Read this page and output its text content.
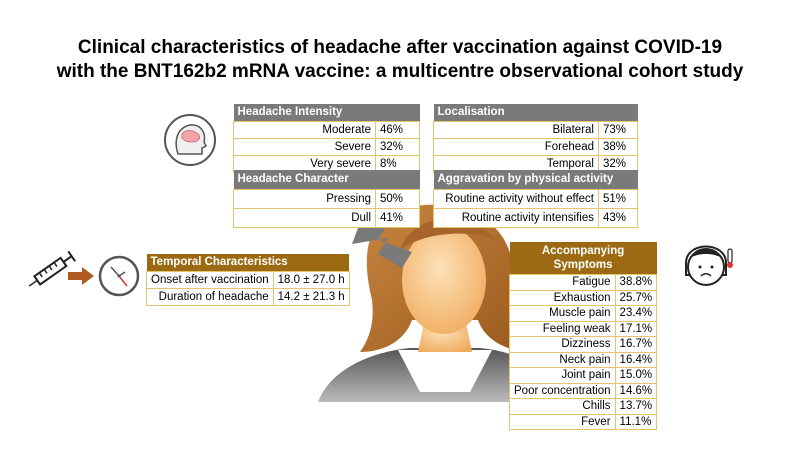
Clinical characteristics of headache after vaccination against COVID-19
with the BNT162b2 mRNA vaccine: a multicentre observational cohort study
Headache Intensity	
Moderate	46%
Severe	32%
Very severe	8%
Localisation	
Bilateral	73%
Forehead	38%
Temporal	32%
Headache Character	
Pressing	50%
Dull	41%
Aggravation by physical activity	
Routine activity without effect	51%
Routine activity intensifies	43%
Temporal Characteristics	
Onset after vaccination	18.0 ± 27.0 h
Duration of headache	14.2 ± 21.3 h
Accompanying
Symptoms	

Fatigue	38.8%
Exhaustion	25.7%
Muscle pain	23.4%
Feeling weak	17.1%
Dizziness	16.7%
Neck pain	16.4%
Joint pain	15.0%
Poor concentration	14.6%
Chills	13.7%
Fever	11.1%
